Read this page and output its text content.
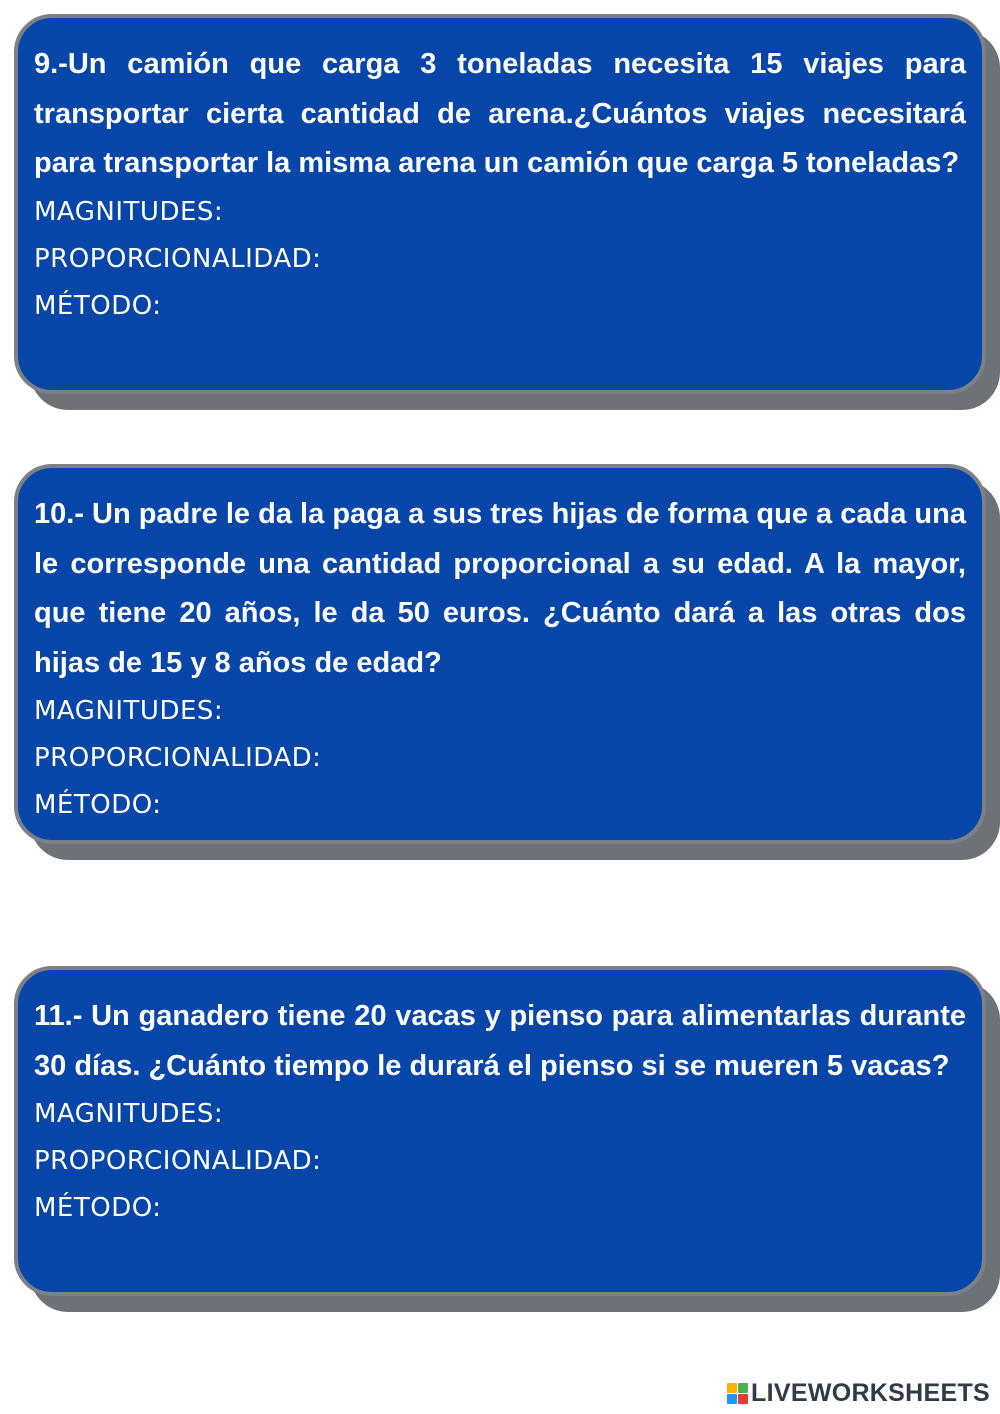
9.-Un camión que carga 3 toneladas necesita 15 viajes para transportar cierta cantidad de arena.¿Cuántos viajes necesitará para transportar la misma arena un camión que carga 5 toneladas?

MAGNITUDES:
PROPORCIONALIDAD:
MÉTODO:

10.- Un padre le da la paga a sus tres hijas de forma que a cada una le corresponde una cantidad proporcional a su edad. A la mayor, que tiene 20 años, le da 50 euros. ¿Cuánto dará a las otras dos hijas de 15 y 8 años de edad?

MAGNITUDES:
PROPORCIONALIDAD:
MÉTODO:

11.- Un ganadero tiene 20 vacas y pienso para alimentarlas durante 30 días. ¿Cuánto tiempo le durará el pienso si se mueren 5 vacas?

MAGNITUDES:
PROPORCIONALIDAD:
MÉTODO:
LIVEWORKSHEETS
